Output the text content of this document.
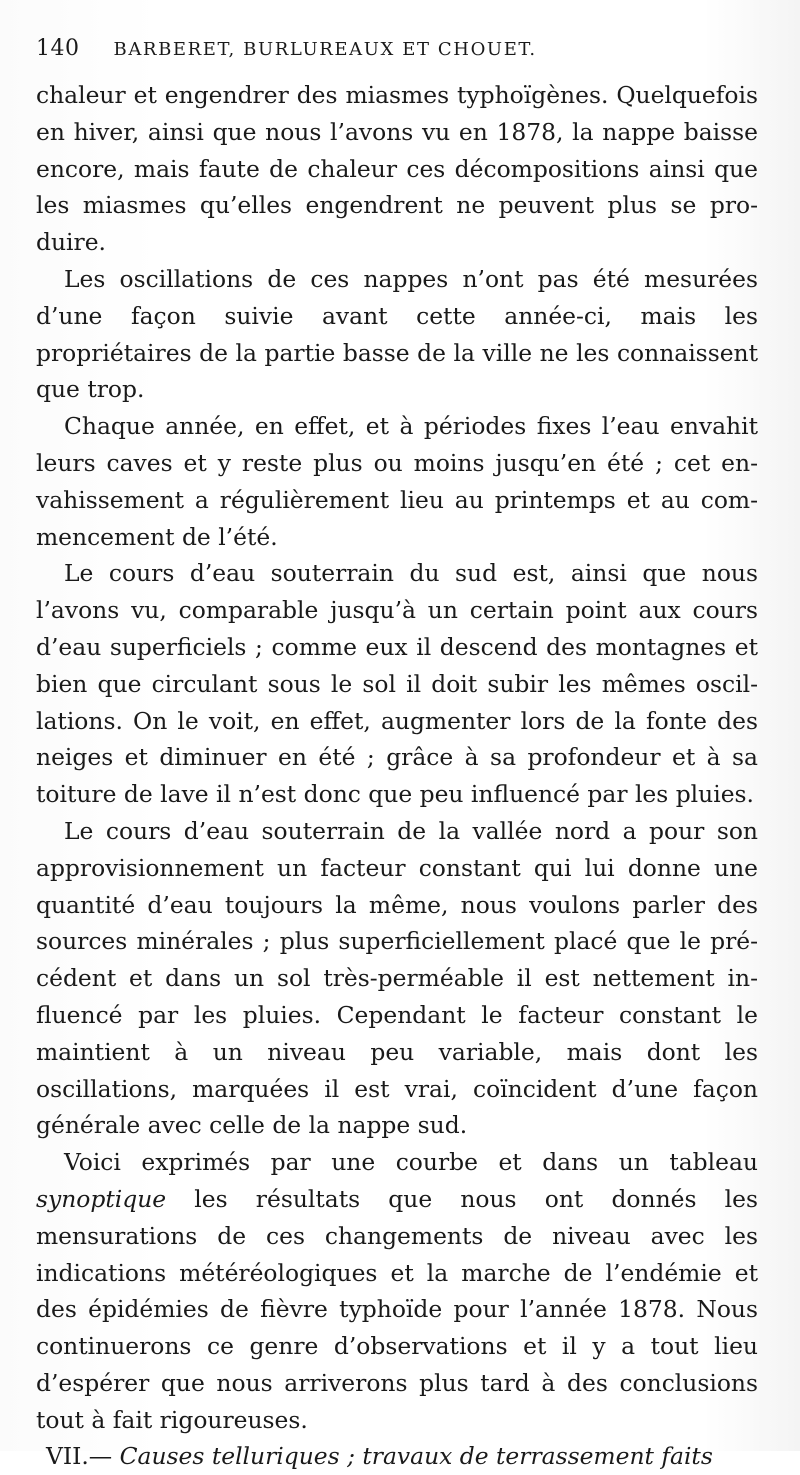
140 BARBERET, BURLUREAUX ET CHOUET.

chaleur et engendrer des miasmes typhoïgènes. Quelquefois en hiver, ainsi que nous l’avons vu en 1878, la nappe baisse encore, mais faute de chaleur ces décompositions ainsi que les miasmes qu’elles engendrent ne peuvent plus se produire.

Les oscillations de ces nappes n’ont pas été mesurées d’une façon suivie avant cette année-ci, mais les propriétaires de la partie basse de la ville ne les connaissent que trop.

Chaque année, en effet, et à périodes fixes l’eau envahit leurs caves et y reste plus ou moins jusqu’en été ; cet envahissement a régulièrement lieu au printemps et au commencement de l’été.

Le cours d’eau souterrain du sud est, ainsi que nous l’avons vu, comparable jusqu’à un certain point aux cours d’eau superficiels ; comme eux il descend des montagnes et bien que circulant sous le sol il doit subir les mêmes oscillations. On le voit, en effet, augmenter lors de la fonte des neiges et diminuer en été ; grâce à sa profondeur et à sa toiture de lave il n’est donc que peu influencé par les pluies.

Le cours d’eau souterrain de la vallée nord a pour son approvisionnement un facteur constant qui lui donne une quantité d’eau toujours la même, nous voulons parler des sources minérales ; plus superficiellement placé que le précédent et dans un sol très-perméable il est nettement influencé par les pluies. Cependant le facteur constant le maintient à un niveau peu variable, mais dont les oscillations, marquées il est vrai, coïncident d’une façon générale avec celle de la nappe sud.

Voici exprimés par une courbe et dans un tableau synoptique les résultats que nous ont donnés les mensurations de ces changements de niveau avec les indications météréologiques et la marche de l’endémie et des épidémies de fièvre typhoïde pour l’année 1878. Nous continuerons ce genre d’observations et il y a tout lieu d’espérer que nous arriverons plus tard à des conclusions tout à fait rigoureuses.

VII.— Causes telluriques ; travaux de terrassement faits
